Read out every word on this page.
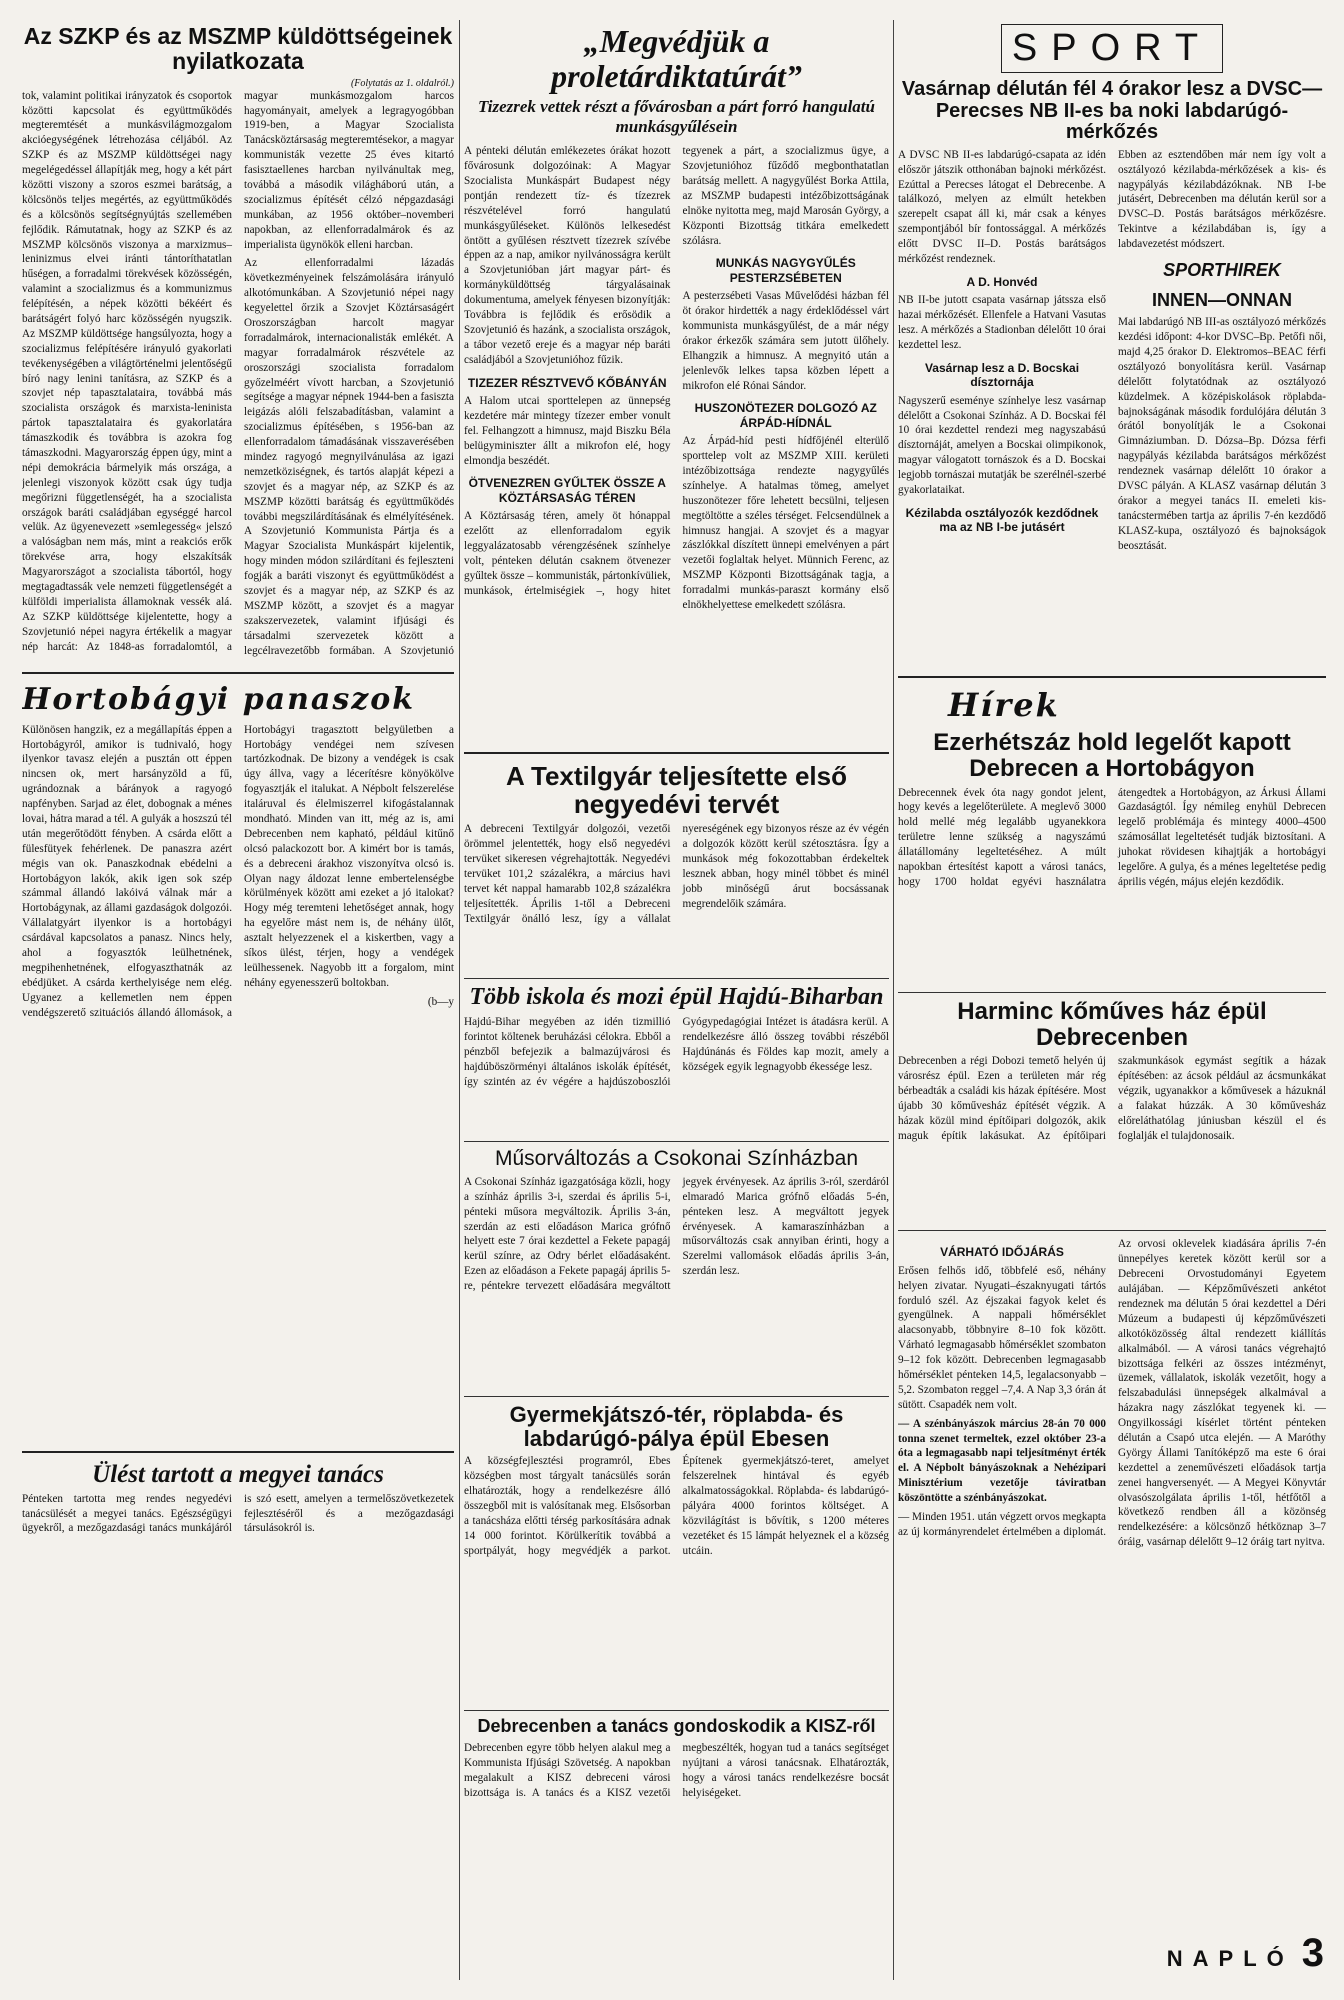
Az SZKP és az MSZMP küldöttségeinek nyilatkozata

(Folytatás az 1. oldalról.)

tok, valamint politikai irányzatok és csoportok közötti kapcsolat és együttműködés megteremtését a munkásvilágmozgalom akcióegységének létrehozása céljából. Az SZKP és az MSZMP küldöttségei nagy megelégedéssel állapítják meg, hogy a két párt közötti viszony a szoros eszmei barátság, a kölcsönös teljes megértés, az együttműködés és a kölcsönös segítségnyújtás szellemében fejlődik. Rámutatnak, hogy az SZKP és az MSZMP kölcsönös viszonya a marxizmus–leninizmus elvei iránti tántoríthatatlan hűségen, a forradalmi törekvések közösségén, valamint a szocializmus és a kommunizmus felépítésén, a népek közötti békéért és barátságért folyó harc közösségén nyugszik. Az MSZMP küldöttsége hangsúlyozta, hogy a szocializmus felépítésére irányuló gyakorlati tevékenységében a világtörténelmi jelentőségű bíró nagy lenini tanításra, az SZKP és a szovjet nép tapasztalataira, továbbá más szocialista országok és marxista-leninista pártok tapasztalataira és gyakorlatára támaszkodik és továbbra is azokra fog támaszkodni. Magyarország éppen úgy, mint a népi demokrácia bármelyik más országa, a jelenlegi viszonyok között csak úgy tudja megőrizni függetlenségét, ha a szocialista országok baráti családjában egységgé harcol velük. Az ügyenevezett »semlegesség« jelszó a valóságban nem más, mint a reakciós erők törekvése arra, hogy elszakítsák Magyarországot a szocialista tábortól, hogy megtagadtassák vele nemzeti függetlenségét a külföldi imperialista államoknak vessék alá. Az SZKP küldöttsége kijelentette, hogy a Szovjetunió népei nagyra értékelik a magyar nép harcát: Az 1848-as forradalomtól, a magyar munkásmozgalom harcos hagyományait, amelyek a legragyogóbban 1919-ben, a Magyar Szocialista Tanácsköztársaság megteremtésekor, a magyar kommunisták vezette 25 éves kitartó fasisztaellenes harcban nyilvánultak meg, továbbá a második világháború után, a szocializmus építését célzó népgazdasági munkában, az 1956 október–novemberi napokban, az ellenforradalmárok és az imperialista ügynökök elleni harcban.

Az ellenforradalmi lázadás következményeinek felszámolására irányuló alkotómunkában. A Szovjetunió népei nagy kegyelettel őrzik a Szovjet Köztársaságért Oroszországban harcolt magyar forradalmárok, internacionalisták emlékét. A magyar forradalmárok részvétele az oroszországi szocialista forradalom győzelméért vívott harcban, a Szovjetunió segítsége a magyar népnek 1944-ben a fasiszta leigázás alóli felszabadításban, valamint a szocializmus építésében, s 1956-ban az ellenforradalom támadásának visszaverésében mindez ragyogó megnyilvánulása az igazi nemzetköziségnek, és tartós alapját képezi a szovjet és a magyar nép, az SZKP és az MSZMP közötti barátság és együttműködés további megszilárdításának és elmélyítésének. A Szovjetunió Kommunista Pártja és a Magyar Szocialista Munkáspárt kijelentik, hogy minden módon szilárdítani és fejleszteni fogják a baráti viszonyt és együttműködést a szovjet és a magyar nép, az SZKP és az MSZMP között, a szovjet és a magyar szakszervezetek, valamint ifjúsági és társadalmi szervezetek között a legcélravezetőbb formában. A Szovjetunió

Hortobágyi panaszok

Különösen hangzik, ez a megállapítás éppen a Hortobágyról, amikor is tudnivaló, hogy ilyenkor tavasz elején a pusztán ott éppen nincsen ok, mert harsányzöld a fű, ugrándoznak a bárányok a ragyogó napfényben. Sarjad az élet, dobognak a ménes lovai, hátra marad a tél. A gulyák a hoszszú tél után megerőtödött fényben. A csárda előtt a fülesfütyek fehérlenek. De panaszra azért mégis van ok. Panaszkodnak ebédelni a Hortobágyon lakók, akik igen sok szép számmal állandó lakóivá válnak már a Hortobágynak, az állami gazdaságok dolgozói. Vállalatgyárt ilyenkor is a hortobágyi csárdával kapcsolatos a panasz. Nincs hely, ahol a fogyasztók leülhetnének, megpihenhetnének, elfogyaszthatnák az ebédjüket. A csárda kerthelyisége nem elég. Ugyanez a kellemetlen nem éppen vendégszerető szituációs állandó állomások, a Hortobágyi tragasztott belgyületben a Hortobágy vendégei nem szívesen tartózkodnak. De bizony a vendégek is csak úgy állva, vagy a lécerítésre könyökölve fogyasztják el italukat. A Népbolt felszerelése italáruval és élelmiszerrel kifogástalannak mondható. Minden van itt, még az is, ami Debrecenben nem kapható, például kitűnő olcsó palackozott bor. A kimért bor is tamás, és a debreceni árakhoz viszonyítva olcsó is. Olyan nagy áldozat lenne embertelenségbe körülmények között ami ezeket a jó italokat? Hogy még teremteni lehetőséget annak, hogy ha egyelőre mást nem is, de néhány ülőt, asztalt helyezzenek el a kiskertben, vagy a síkos ülést, térjen, hogy a vendégek leülhessenek. Nagyobb itt a forgalom, mint néhány egyenesszerű boltokban.

(b—y

Ülést tartott a megyei tanács

Pénteken tartotta meg rendes negyedévi tanácsülését a megyei tanács. Egészségügyi ügyekről, a mezőgazdasági tanács munkájáról is szó esett, amelyen a termelőszövetkezetek fejlesztéséről és a mezőgazdasági társulásokról is.

„Megvédjük a proletárdiktatúrát”
Tizezrek vettek részt a fővárosban a párt forró hangulatú munkásgyűlésein

A pénteki délután emlékezetes órákat hozott fővárosunk dolgozóinak: A Magyar Szocialista Munkáspárt Budapest négy pontján rendezett tíz- és tízezrek részvételével forró hangulatú munkásgyűléseket. Különös lelkesedést öntött a gyűlésen résztvett tízezrek szívébe éppen az a nap, amikor nyilvánosságra került a Szovjetunióban járt magyar párt- és kormányküldöttség tárgyalásainak dokumentuma, amelyek fényesen bizonyítják: Továbbra is fejlődik és erősödik a Szovjetunió és hazánk, a szocialista országok, a tábor vezető ereje és a magyar nép baráti családjából a Szovjetunióhoz fűzik.

TIZEZER RÉSZTVEVŐ KŐBÁNYÁN

A Halom utcai sporttelepen az ünnepség kezdetére már mintegy tízezer ember vonult fel. Felhangzott a himnusz, majd Biszku Béla belügyminiszter állt a mikrofon elé, hogy elmondja beszédét.

ÖTVENEZREN GYŰLTEK ÖSSZE A KÖZTÁRSASÁG TÉREN

A Köztársaság téren, amely öt hónappal ezelőtt az ellenforradalom egyik leggyalázatosabb vérengzésének színhelye volt, pénteken délután csaknem ötvenezer gyűltek össze – kommunisták, pártonkívüliek, munkások, értelmiségiek –, hogy hitet tegyenek a párt, a szocializmus ügye, a Szovjetunióhoz fűződő megbonthatatlan barátság mellett. A nagygyűlést Borka Attila, az MSZMP budapesti intézőbizottságának elnöke nyitotta meg, majd Marosán György, a Központi Bizottság titkára emelkedett szólásra.

MUNKÁS NAGYGYŰLÉS PESTERZSÉBETEN

A pesterzsébeti Vasas Művelődési házban fél öt órakor hirdették a nagy érdeklődéssel várt kommunista munkásgyűlést, de a már négy órakor érkezők számára sem jutott ülőhely. Elhangzik a himnusz. A megnyitó után a jelenlevők lelkes tapsa közben lépett a mikrofon elé Rónai Sándor.

HUSZONÖTEZER DOLGOZÓ AZ ÁRPÁD-HÍDNÁL

Az Árpád-híd pesti hídfőjénél elterülő sporttelep volt az MSZMP XIII. kerületi intézőbizottsága rendezte nagygyűlés színhelye. A hatalmas tömeg, amelyet huszonötezer főre lehetett becsülni, teljesen megtöltötte a széles térséget. Felcsendülnek a himnusz hangjai. A szovjet és a magyar zászlókkal díszített ünnepi emelvényen a párt vezetői foglaltak helyet. Münnich Ferenc, az MSZMP Központi Bizottságának tagja, a forradalmi munkás-paraszt kormány első elnökhelyettese emelkedett szólásra.

A Textilgyár teljesítette első negyedévi tervét

A debreceni Textilgyár dolgozói, vezetői örömmel jelentették, hogy első negyedévi tervüket sikeresen végrehajtották. Negyedévi tervüket 101,2 százalékra, a március havi tervet két nappal hamarabb 102,8 százalékra teljesítették. Április 1-től a Debreceni Textilgyár önálló lesz, így a vállalat nyereségének egy bizonyos része az év végén a dolgozók között kerül szétosztásra. Így a munkások még fokozottabban érdekeltek lesznek abban, hogy minél többet és minél jobb minőségű árut bocsássanak megrendelőik számára.

Több iskola és mozi épül Hajdú-Biharban

Hajdú-Bihar megyében az idén tizmillió forintot költenek beruházási célokra. Ebből a pénzből befejezik a balmazújvárosi és hajdúböszörményi általános iskolák építését, így szintén az év végére a hajdúszoboszlói Gyógypedagógiai Intézet is átadásra kerül. A rendelkezésre álló összeg további részéből Hajdúnánás és Földes kap mozit, amely a községek egyik legnagyobb ékessége lesz.

Műsorváltozás a Csokonai Színházban

A Csokonai Színház igazgatósága közli, hogy a színház április 3-i, szerdai és április 5-i, pénteki műsora megváltozik. Április 3-án, szerdán az esti előadáson Marica grófnő helyett este 7 órai kezdettel a Fekete papagáj kerül színre, az Odry bérlet előadásaként. Ezen az előadáson a Fekete papagáj április 5-re, péntekre tervezett előadására megváltott jegyek érvényesek. Az április 3-ról, szerdáról elmaradó Marica grófnő előadás 5-én, pénteken lesz. A megváltott jegyek érvényesek. A kamaraszínházban a műsorváltozás csak annyiban érinti, hogy a Szerelmi vallomások előadás április 3-án, szerdán lesz.

Gyermekjátszó-tér, röplabda- és labdarúgó-pálya épül Ebesen

A községfejlesztési programról, Ebes községben most tárgyalt tanácsülés során elhatározták, hogy a rendelkezésre álló összegből mit is valósítanak meg. Elsősorban a tanácsháza előtti térség parkosítására adnak 14 000 forintot. Körülkerítik továbbá a sportpályát, hogy megvédjék a parkot. Építenek gyermekjátszó-teret, amelyet felszerelnek hintával és egyéb alkalmatosságokkal. Röplabda- és labdarúgó-pályára 4000 forintos költséget. A közvilágítást is bővítik, s 1200 méteres vezetéket és 15 lámpát helyeznek el a község utcáin.

Debrecenben a tanács gondoskodik a KISZ-ről

Debrecenben egyre több helyen alakul meg a Kommunista Ifjúsági Szövetség. A napokban megalakult a KISZ debreceni városi bizottsága is. A tanács és a KISZ vezetői megbeszélték, hogyan tud a tanács segítséget nyújtani a városi tanácsnak. Elhatározták, hogy a városi tanács rendelkezésre bocsát helyiségeket.

SPORT
Vasárnap délután fél 4 órakor lesz a DVSC—Perecses NB II-es ba noki labdarúgó-mérkőzés

A DVSC NB II-es labdarúgó-csapata az idén először játszik otthonában bajnoki mérkőzést. Ezúttal a Perecses látogat el Debrecenbe. A találkozó, melyen az elmúlt hetekben szerepelt csapat áll ki, már csak a kényes szempontjából bír fontossággal. A mérkőzés előtt DVSC II–D. Postás barátságos mérkőzést rendeznek.

A D. Honvéd

NB II-be jutott csapata vasárnap játssza első hazai mérkőzését. Ellenfele a Hatvani Vasutas lesz. A mérkőzés a Stadionban délelőtt 10 órai kezdettel lesz.

Vasárnap lesz a D. Bocskai dísztornája

Nagyszerű eseménye színhelye lesz vasárnap délelőtt a Csokonai Színház. A D. Bocskai fél 10 órai kezdettel rendezi meg nagyszabású dísztornáját, amelyen a Bocskai olimpikonok, magyar válogatott tornászok és a D. Bocskai legjobb tornászai mutatják be szerélnél-szerbé gyakorlataikat.

Kézilabda osztályozók kezdődnek ma az NB I-be jutásért

Ebben az esztendőben már nem így volt a osztályozó kézilabda-mérkőzések a kis- és nagypályás kézilabdázóknak. NB I-be jutásért, Debrecenben ma délután kerül sor a DVSC–D. Postás barátságos mérkőzésre. Tekintve a kézilabdában is, így a labdavezetést módszert.

SPORTHIREK
INNEN—ONNAN

Mai labdarúgó NB III-as osztályozó mérkőzés kezdési időpont: 4-kor DVSC–Bp. Petőfi női, majd 4,25 órakor D. Elektromos–BEAC férfi osztályozó bonyolításra kerül. Vasárnap délelőtt folytatódnak az osztályozó küzdelmek. A középiskolások röplabda-bajnokságának második fordulójára délután 3 órától bonyolítják le a Csokonai Gimnáziumban. D. Dózsa–Bp. Dózsa férfi nagypályás kézilabda barátságos mérkőzést rendeznek vasárnap délelőtt 10 órakor a DVSC pályán. A KLASZ vasárnap délután 3 órakor a megyei tanács II. emeleti kis-tanácstermében tartja az április 7-én kezdődő KLASZ-kupa, osztályozó és bajnokságok beosztását.

Hírek
Ezerhétszáz hold legelőt kapott Debrecen a Hortobágyon

Debrecennek évek óta nagy gondot jelent, hogy kevés a legelőterülete. A meglevő 3000 hold mellé még legalább ugyanekkora területre lenne szükség a nagyszámú állatállomány legeltetéséhez. A múlt napokban értesítést kapott a városi tanács, hogy 1700 holdat egyévi használatra átengedtek a Hortobágyon, az Árkusi Állami Gazdaságtól. Így némileg enyhül Debrecen legelő problémája és mintegy 4000–4500 számosállat legeltetését tudják biztosítani. A juhokat rövidesen kihajtják a hortobágyi legelőre. A gulya, és a ménes legeltetése pedig április végén, május elején kezdődik.

Harminc kőműves ház épül Debrecenben

Debrecenben a régi Dobozi temető helyén új városrész épül. Ezen a területen már rég bérbeadták a családi kis házak építésére. Most újabb 30 kőművesház építését végzik. A házak közül mind építőipari dolgozók, akik maguk építik lakásukat. Az építőipari szakmunkások egymást segítik a házak építésében: az ácsok például az ácsmunkákat végzik, ugyanakkor a kőművesek a házuknál a falakat húzzák. A 30 kőművesház előreláthatólag júniusban készül el és foglalják el tulajdonosaik.

VÁRHATÓ IDŐJÁRÁS

Erősen felhős idő, többfelé eső, néhány helyen zivatar. Nyugati–északnyugati tártós forduló szél. Az éjszakai fagyok kelet és gyengülnek. A nappali hőmérséklet alacsonyabb, többnyire 8–10 fok között. Várható legmagasabb hőmérséklet szombaton 9–12 fok között. Debrecenben legmagasabb hőmérséklet pénteken 14,5, legalacsonyabb –5,2. Szombaton reggel –7,4. A Nap 3,3 órán át sütött. Csapadék nem volt.

— A szénbányászok március 28-án 70 000 tonna szenet termeltek, ezzel október 23-a óta a legmagasabb napi teljesítményt érték el. A Népbolt bányászoknak a Nehézipari Minisztérium vezetője táviratban köszöntötte a szénbányászokat.

— Minden 1951. után végzett orvos megkapta az új kormányrendelet értelmében a diplomát. Az orvosi oklevelek kiadására április 7-én ünnepélyes keretek között kerül sor a Debreceni Orvostudományi Egyetem aulájában. — Képzőművészeti ankétot rendeznek ma délután 5 órai kezdettel a Déri Múzeum a budapesti új képzőművészeti alkotóközösség által rendezett kiállítás alkalmából. — A városi tanács végrehajtó bizottsága felkéri az összes intézményt, üzemek, vállalatok, iskolák vezetőit, hogy a felszabadulási ünnepségek alkalmával a házakra nagy zászlókat tegyenek ki. — Ongyilkossági kísérlet történt pénteken délután a Csapó utca elején. — A Maróthy György Állami Tanítóképző ma este 6 órai kezdettel a zeneművészeti előadások tartja zenei hangversenyét. — A Megyei Könyvtár olvasószolgálata április 1-től, hétfőtől a következő rendben áll a közönség rendelkezésére: a kölcsönző hétköznap 3–7 óráig, vasárnap délelőtt 9–12 óráig tart nyitva.

NAPLÓ 3
